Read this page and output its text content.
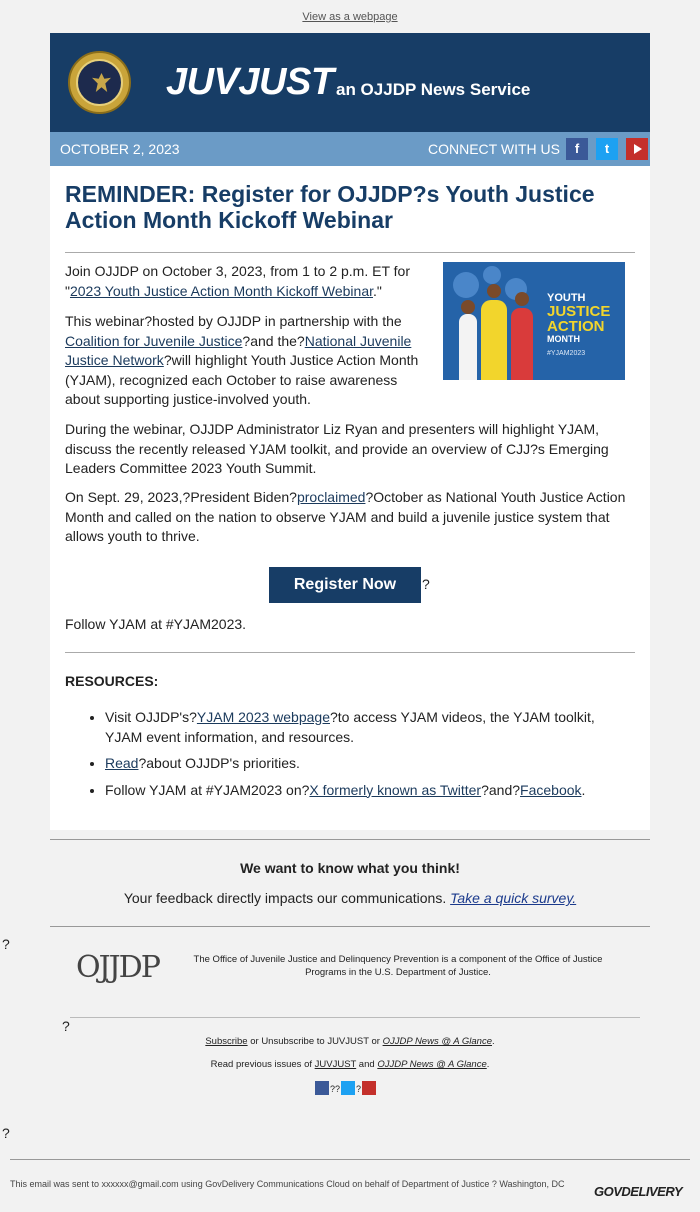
View as a webpage
JUVJUST an OJJDP News Service
OCTOBER 2, 2023	CONNECT WITH US	f	t
REMINDER: Register for OJJDP?s Youth Justice Action Month Kickoff Webinar
Join OJJDP on October 3, 2023, from 1 to 2 p.m. ET for "2023 Youth Justice Action Month Kickoff Webinar."	YOUTH
JUSTICE
ACTION
MONTH
#YJAM2023
This webinar?hosted by OJJDP in partnership with the Coalition for Juvenile Justice?and the?National Juvenile Justice Network?will highlight Youth Justice Action Month (YJAM), recognized each October to raise awareness about supporting justice-involved youth.
During the webinar, OJJDP Administrator Liz Ryan and presenters will highlight YJAM, discuss the recently released YJAM toolkit, and provide an overview of CJJ?s Emerging Leaders Committee 2023 Youth Summit.
On Sept. 29, 2023,?President Biden?proclaimed?October as National Youth Justice Action Month and called on the nation to observe YJAM and build a juvenile justice system that allows youth to thrive.
Register Now	?
Follow YJAM at #YJAM2023.
RESOURCES:
• Visit OJJDP's?YJAM 2023 webpage?to access YJAM videos, the YJAM toolkit, YJAM event information, and resources.
• Read?about OJJDP's priorities.
• Follow YJAM at #YJAM2023 on?X formerly known as Twitter?and?Facebook.
We want to know what you think!
Your feedback directly impacts our communications. Take a quick survey.
?
OJJDP	The Office of Juvenile Justice and Delinquency Prevention is a component of the Office of Justice Programs in the U.S. Department of Justice.
?
Subscribe or Unsubscribe to JUVJUST or OJJDP News @ A Glance.
Read previous issues of JUVJUST and OJJDP News @ A Glance.
?? ?
?
This email was sent to xxxxxx@gmail.com using GovDelivery Communications Cloud on behalf of Department of Justice ? Washington, DC	GOVDELIVERY
